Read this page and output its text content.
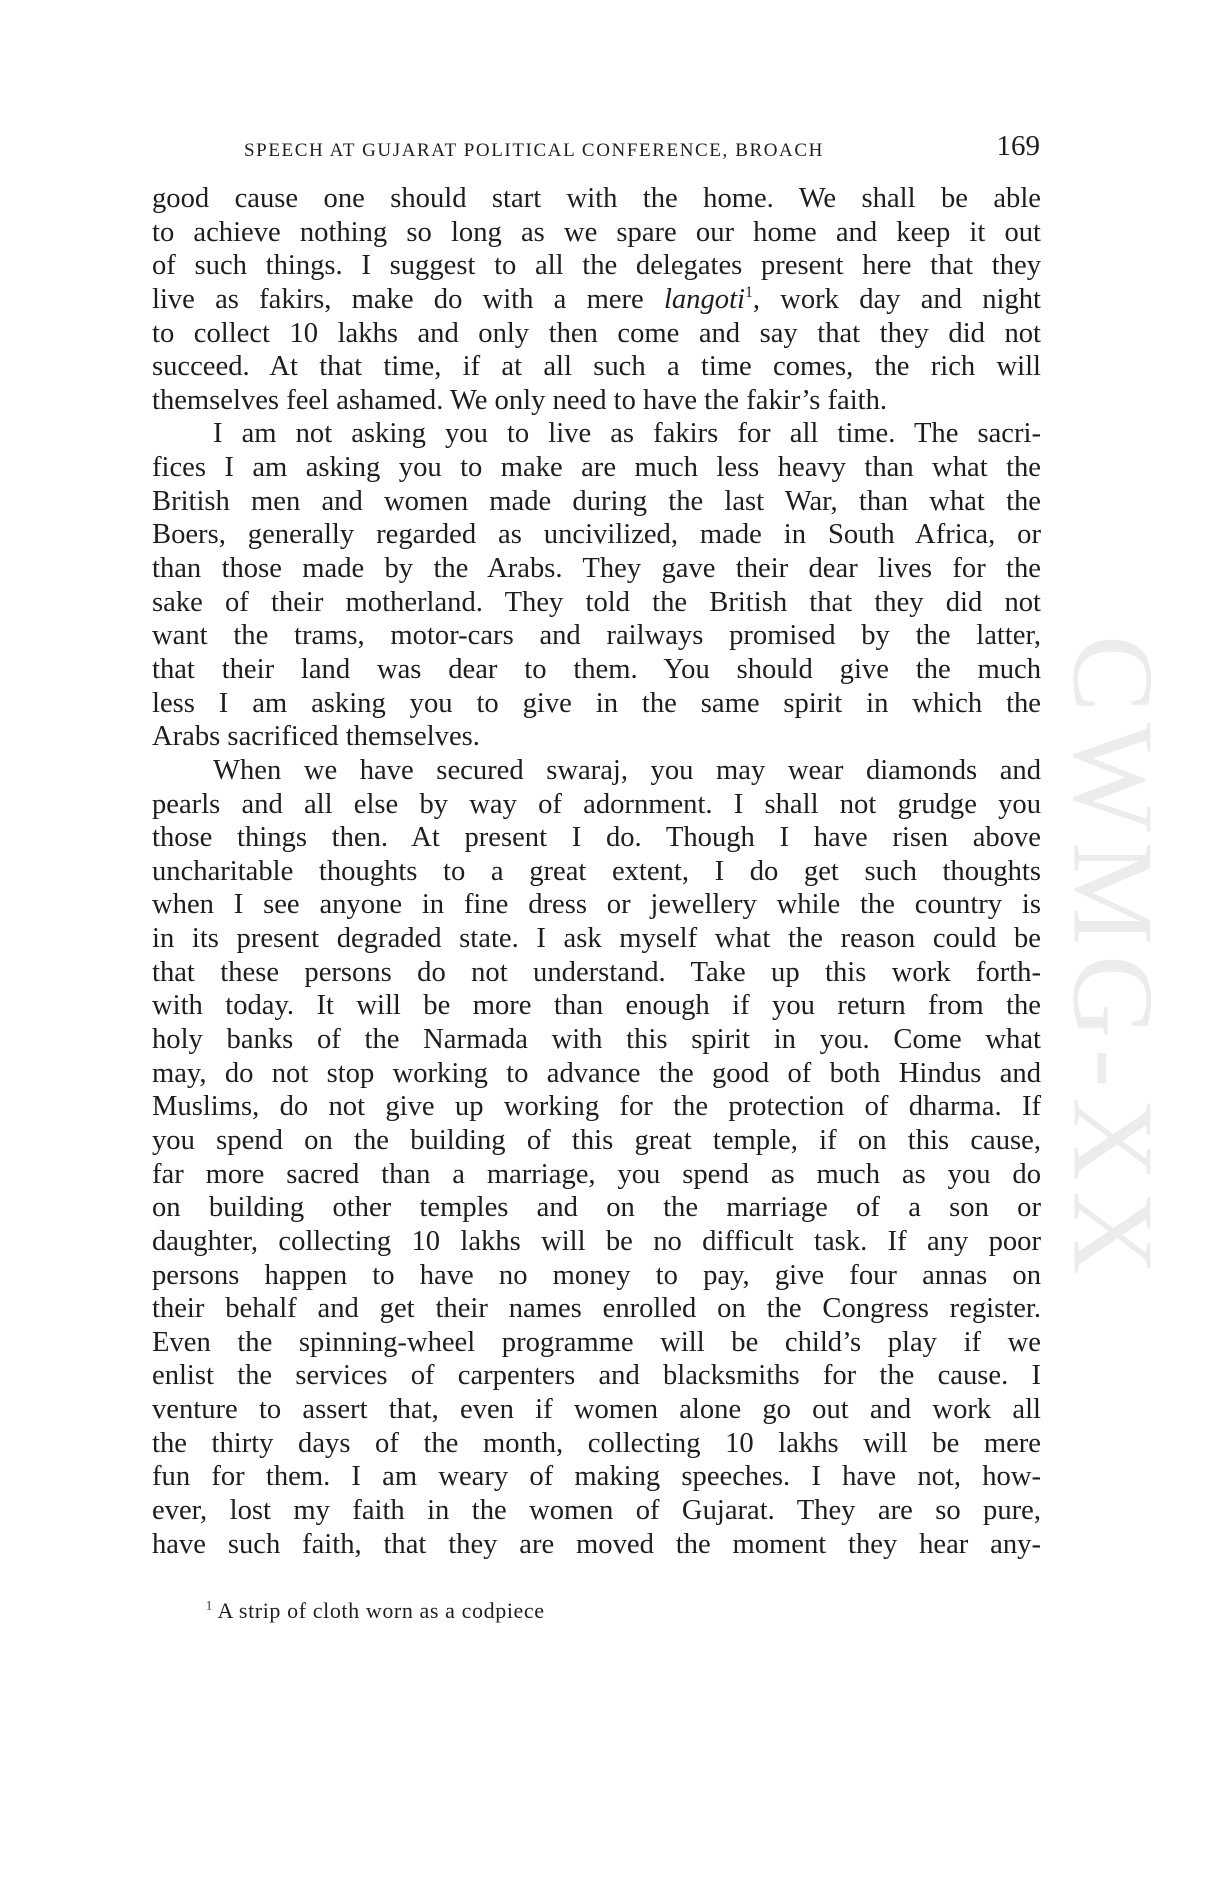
CWMG-XX
SPEECH AT GUJARAT POLITICAL CONFERENCE, BROACH	169
good cause one should start with the home. We shall be able
to achieve nothing so long as we spare our home and keep it out
of such things. I suggest to all the delegates present here that they
live as fakirs, make do with a mere langoti$^1$, work day and night
to collect 10 lakhs and only then come and say that they did not
succeed. At that time, if at all such a time comes, the rich will
themselves feel ashamed. We only need to have the fakir’s faith.
I am not asking you to live as fakirs for all time. The sacri-
fices I am asking you to make are much less heavy than what the
British men and women made during the last War, than what the
Boers, generally regarded as uncivilized, made in South Africa, or
than those made by the Arabs. They gave their dear lives for the
sake of their motherland. They told the British that they did not
want the trams, motor-cars and railways promised by the latter,
that their land was dear to them. You should give the much
less I am asking you to give in the same spirit in which the
Arabs sacrificed themselves.
When we have secured swaraj, you may wear diamonds and
pearls and all else by way of adornment. I shall not grudge you
those things then. At present I do. Though I have risen above
uncharitable thoughts to a great extent, I do get such thoughts
when I see anyone in fine dress or jewellery while the country is
in its present degraded state. I ask myself what the reason could be
that these persons do not understand. Take up this work forth-
with today. It will be more than enough if you return from the
holy banks of the Narmada with this spirit in you. Come what
may, do not stop working to advance the good of both Hindus and
Muslims, do not give up working for the protection of dharma. If
you spend on the building of this great temple, if on this cause,
far more sacred than a marriage, you spend as much as you do
on building other temples and on the marriage of a son or
daughter, collecting 10 lakhs will be no difficult task. If any poor
persons happen to have no money to pay, give four annas on
their behalf and get their names enrolled on the Congress register.
Even the spinning-wheel programme will be child’s play if we
enlist the services of carpenters and blacksmiths for the cause. I
venture to assert that, even if women alone go out and work all
the thirty days of the month, collecting 10 lakhs will be mere
fun for them. I am weary of making speeches. I have not, how-
ever, lost my faith in the women of Gujarat. They are so pure,
have such faith, that they are moved the moment they hear any-
$^1$ A strip of cloth worn as a codpiece
